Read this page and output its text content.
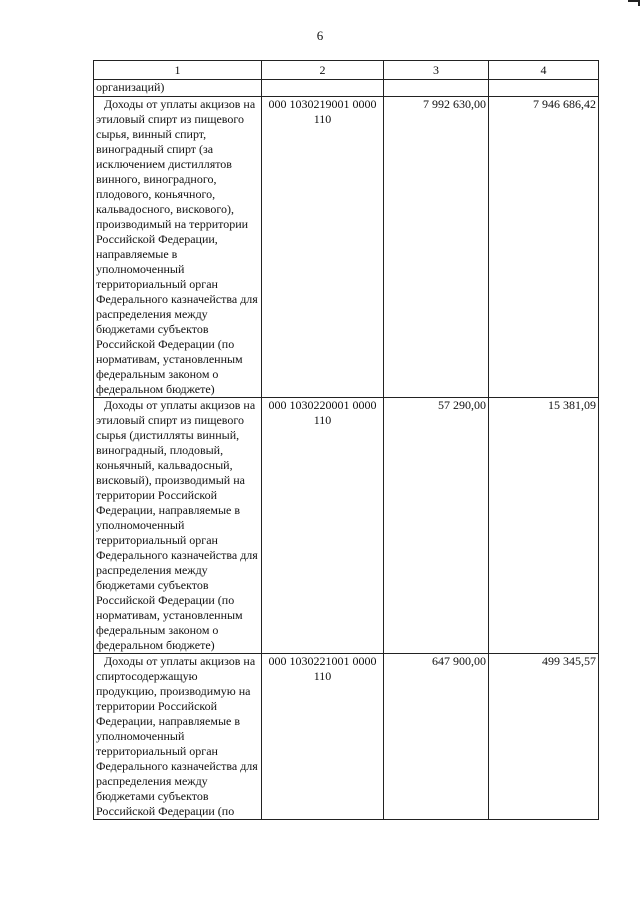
6
1	2	3	4
организаций)			
Доходы от уплаты акцизов на этиловый спирт из пищевого сырья, винный спирт, виноградный спирт (за исключением дистиллятов винного, виноградного, плодового, коньячного, кальвадосного, вискового), производимый на территории Российской Федерации, направляемые в уполномоченный территориальный орган Федерального казначейства для распределения между бюджетами субъектов Российской Федерации (по нормативам, установленным федеральным законом о федеральном бюджете)	000 1030219001 0000 110	7 992 630,00	7 946 686,42
Доходы от уплаты акцизов на этиловый спирт из пищевого сырья (дистилляты винный, виноградный, плодовый, коньячный, кальвадосный, висковый), производимый на территории Российской Федерации, направляемые в уполномоченный территориальный орган Федерального казначейства для распределения между бюджетами субъектов Российской Федерации (по нормативам, установленным федеральным законом о федеральном бюджете)	000 1030220001 0000 110	57 290,00	15 381,09
Доходы от уплаты акцизов на спиртосодержащую продукцию, производимую на территории Российской Федерации, направляемые в уполномоченный территориальный орган Федерального казначейства для распределения между бюджетами субъектов Российской Федерации (по	000 1030221001 0000 110	647 900,00	499 345,57
